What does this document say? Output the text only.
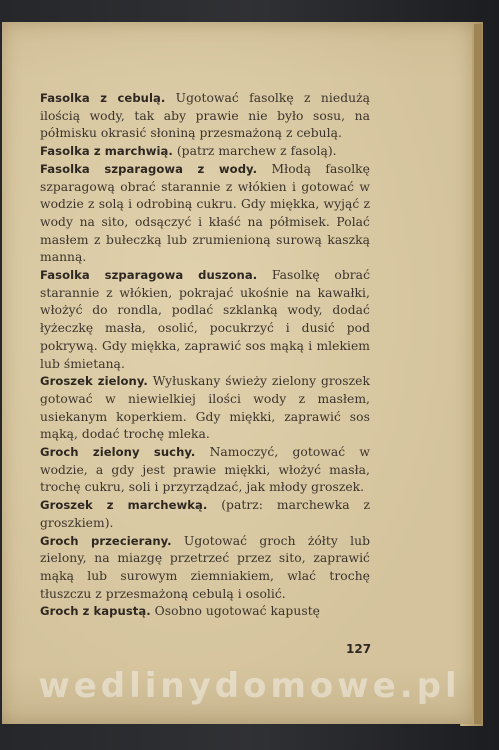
Fasolka z cebulą. Ugotować fasolkę z niedużą ilością wody, tak aby prawie nie było sosu, na półmisku okrasić słoniną przesmażoną z cebulą.

Fasolka z marchwią. (patrz marchew z fasolą).

Fasolka szparagowa z wody. Młodą fasolkę szparagową obrać starannie z włókien i gotować w wodzie z solą i odrobiną cukru. Gdy miękka, wyjąć z wody na sito, odsączyć i kłaść na półmisek. Polać masłem z bułeczką lub zrumienioną surową kaszką manną.

Fasolka szparagowa duszona. Fasolkę obrać starannie z włókien, pokrajać ukośnie na kawałki, włożyć do rondla, podlać szklanką wody, dodać łyżeczkę masła, osolić, pocukrzyć i dusić pod pokrywą. Gdy miękka, zaprawić sos mąką i mlekiem lub śmietaną.

Groszek zielony. Wyłuskany świeży zielony groszek gotować w niewielkiej ilości wody z masłem, usiekanym koperkiem. Gdy miękki, zaprawić sos mąką, dodać trochę mleka.

Groch zielony suchy. Namoczyć, gotować w wodzie, a gdy jest prawie miękki, włożyć masła, trochę cukru, soli i przyrządzać, jak młody groszek.

Groszek z marchewką. (patrz: marchewka z groszkiem).

Groch przecierany. Ugotować groch żółty lub zielony, na miazgę przetrzeć przez sito, zaprawić mąką lub surowym ziemniakiem, wlać trochę tłuszczu z przesmażoną cebulą i osolić.

Groch z kapustą. Osobno ugotować kapustę

127
wedlinydomowe.pl
